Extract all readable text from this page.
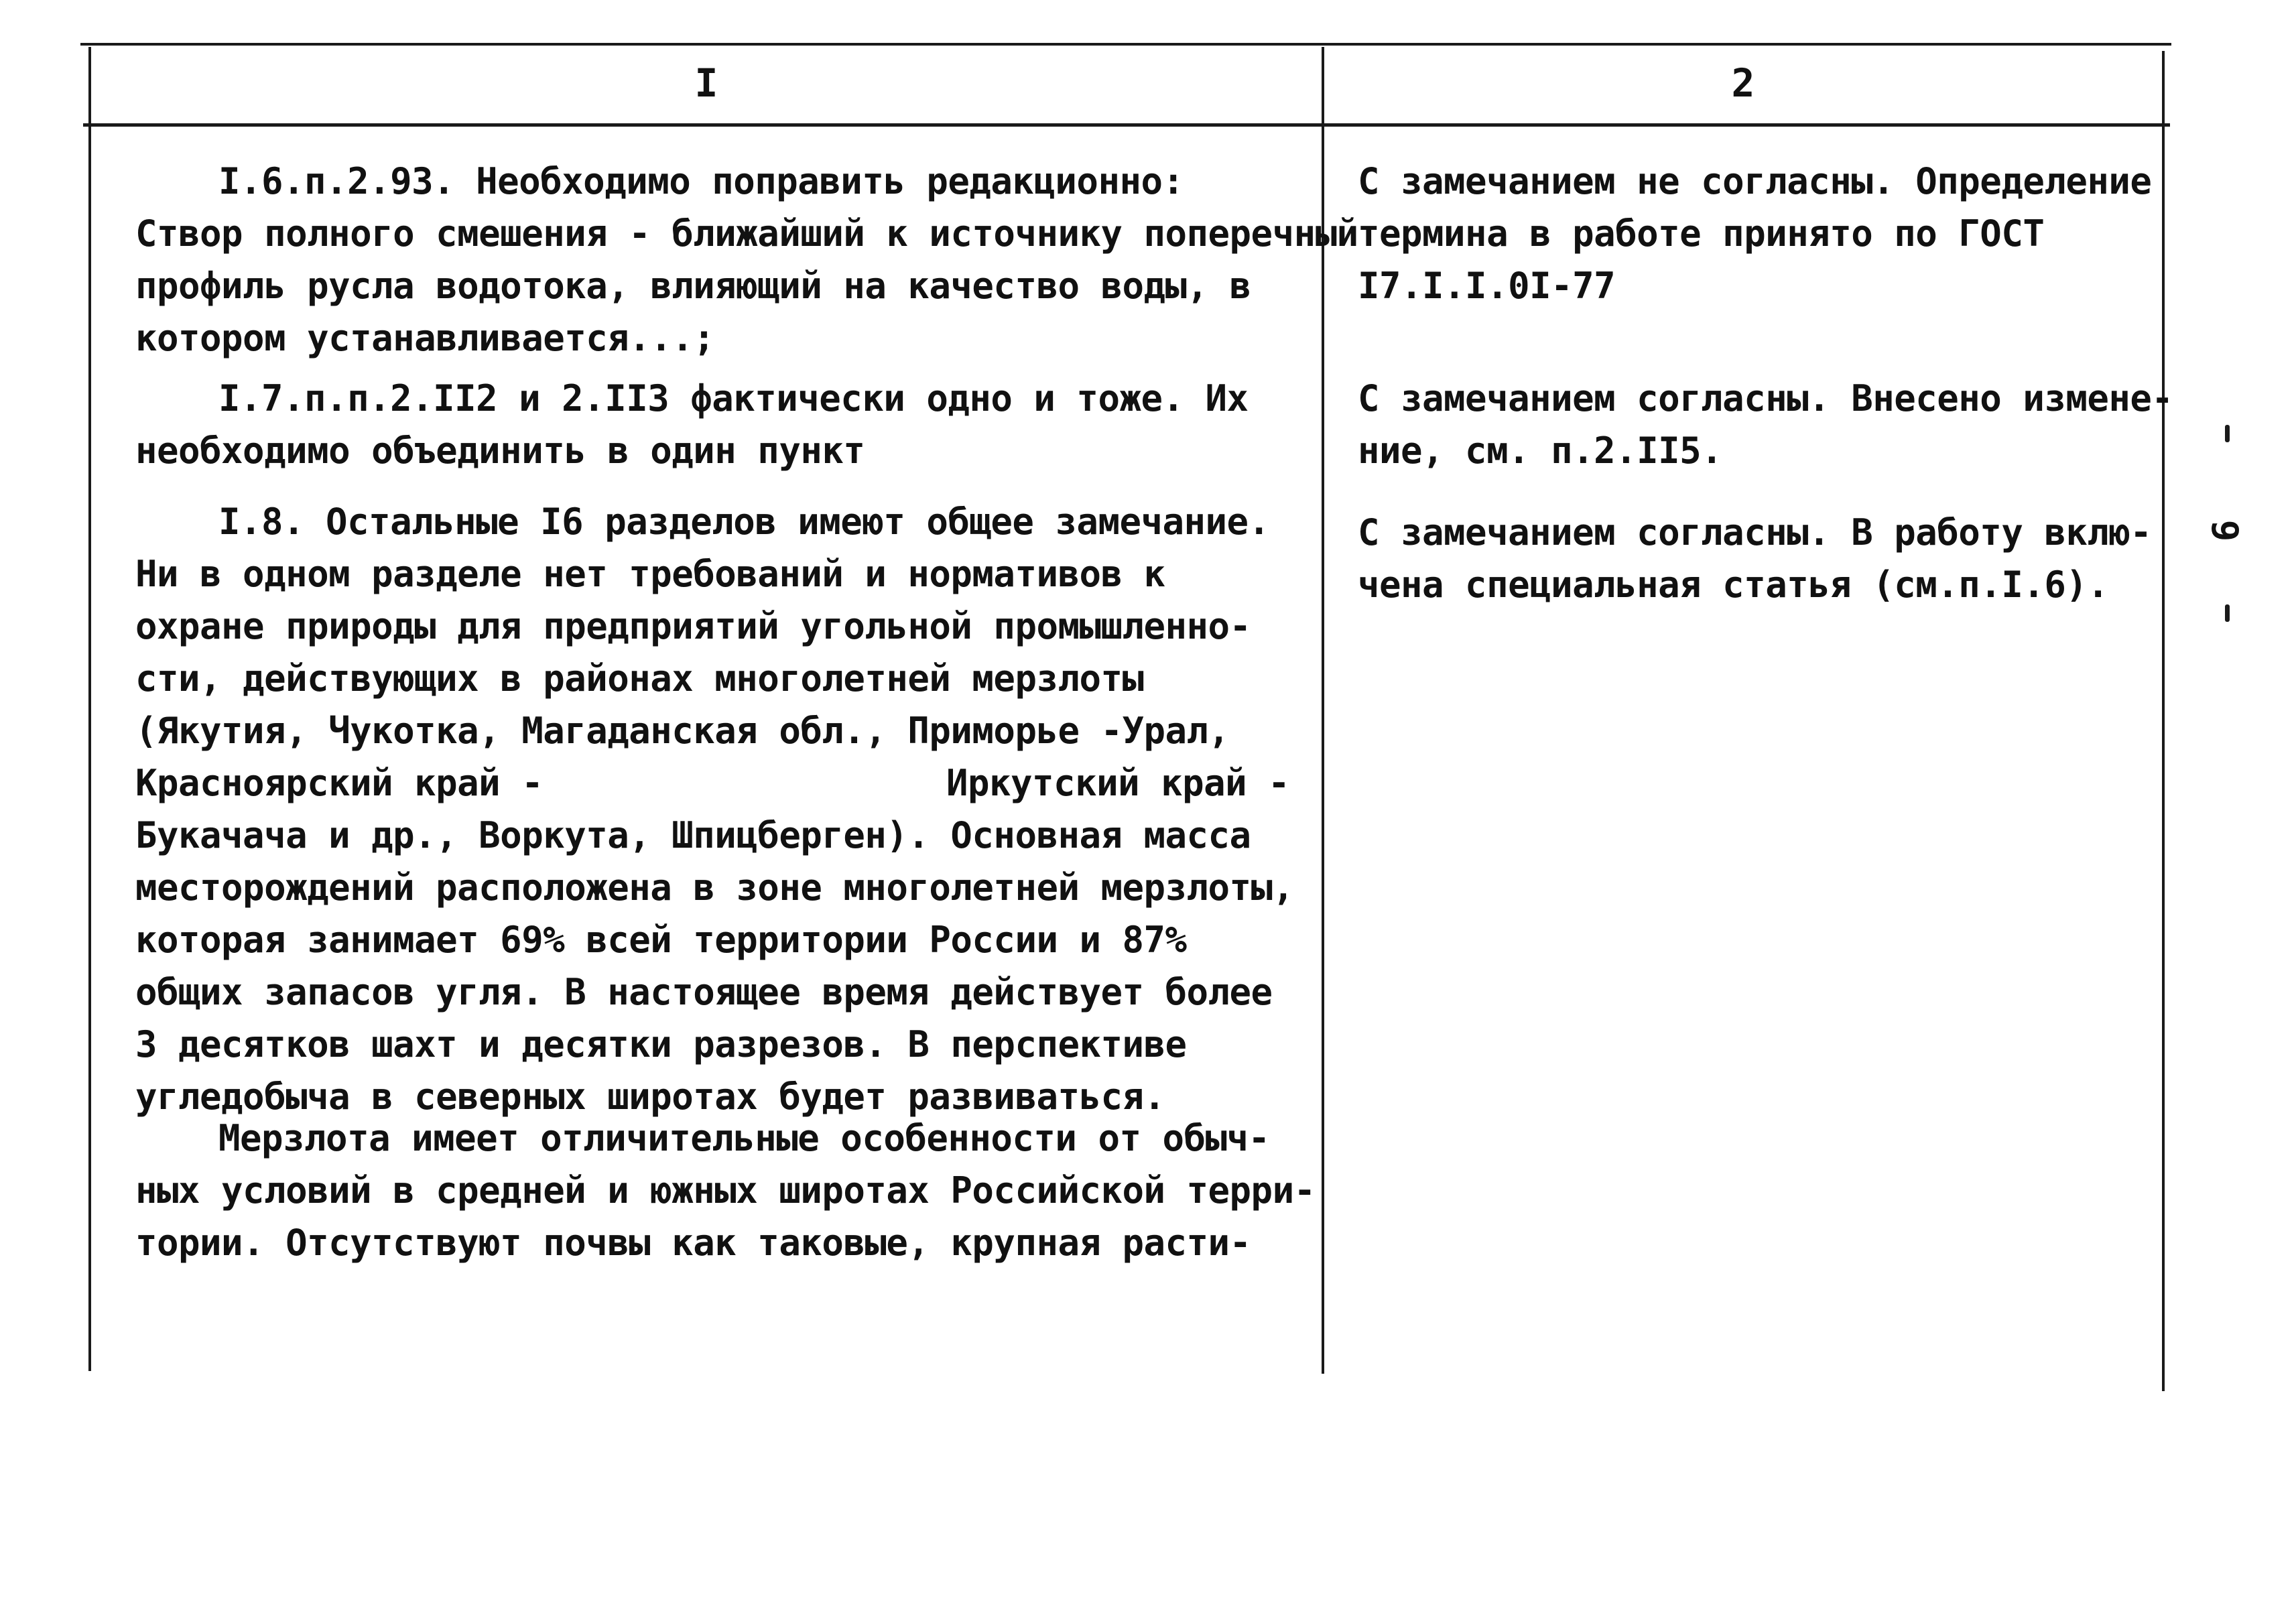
I	2
I.6.п.2.93. Необходимо поправить редакционно:
Створ полного смешения - ближайший к источнику поперечный
профиль русла водотока, влияющий на качество воды, в
котором устанавливается...;
I.7.п.п.2.II2 и 2.II3 фактически одно и тоже. Их
необходимо объединить в один пункт
I.8. Остальные I6 разделов имеют общее замечание.
Ни в одном разделе нет требований и нормативов к
охране природы для предприятий угольной промышленно-
сти, действующих в районах многолетней мерзлоты
(Якутия, Чукотка, Магаданская обл., Приморье -Урал,
Красноярский край -	Иркутский край -
Букачача и др., Воркута, Шпицберген). Основная масса
месторождений расположена в зоне многолетней мерзлоты,
которая занимает 69% всей территории России и 87%
общих запасов угля. В настоящее время действует более
3 десятков шахт и десятки разрезов. В перспективе
угледобыча в северных широтах будет развиваться.
Мерзлота имеет отличительные особенности от обыч-
ных условий в средней и южных широтах Российской терри-
тории. Отсутствуют почвы как таковые, крупная расти-
С замечанием не согласны. Определение
термина в работе принято по ГОСТ
I7.I.I.0I-77
С замечанием согласны. Внесено измене-
ние, см. п.2.II5.
С замечанием согласны. В работу вклю-
чена специальная статья (см.п.I.6).
9
